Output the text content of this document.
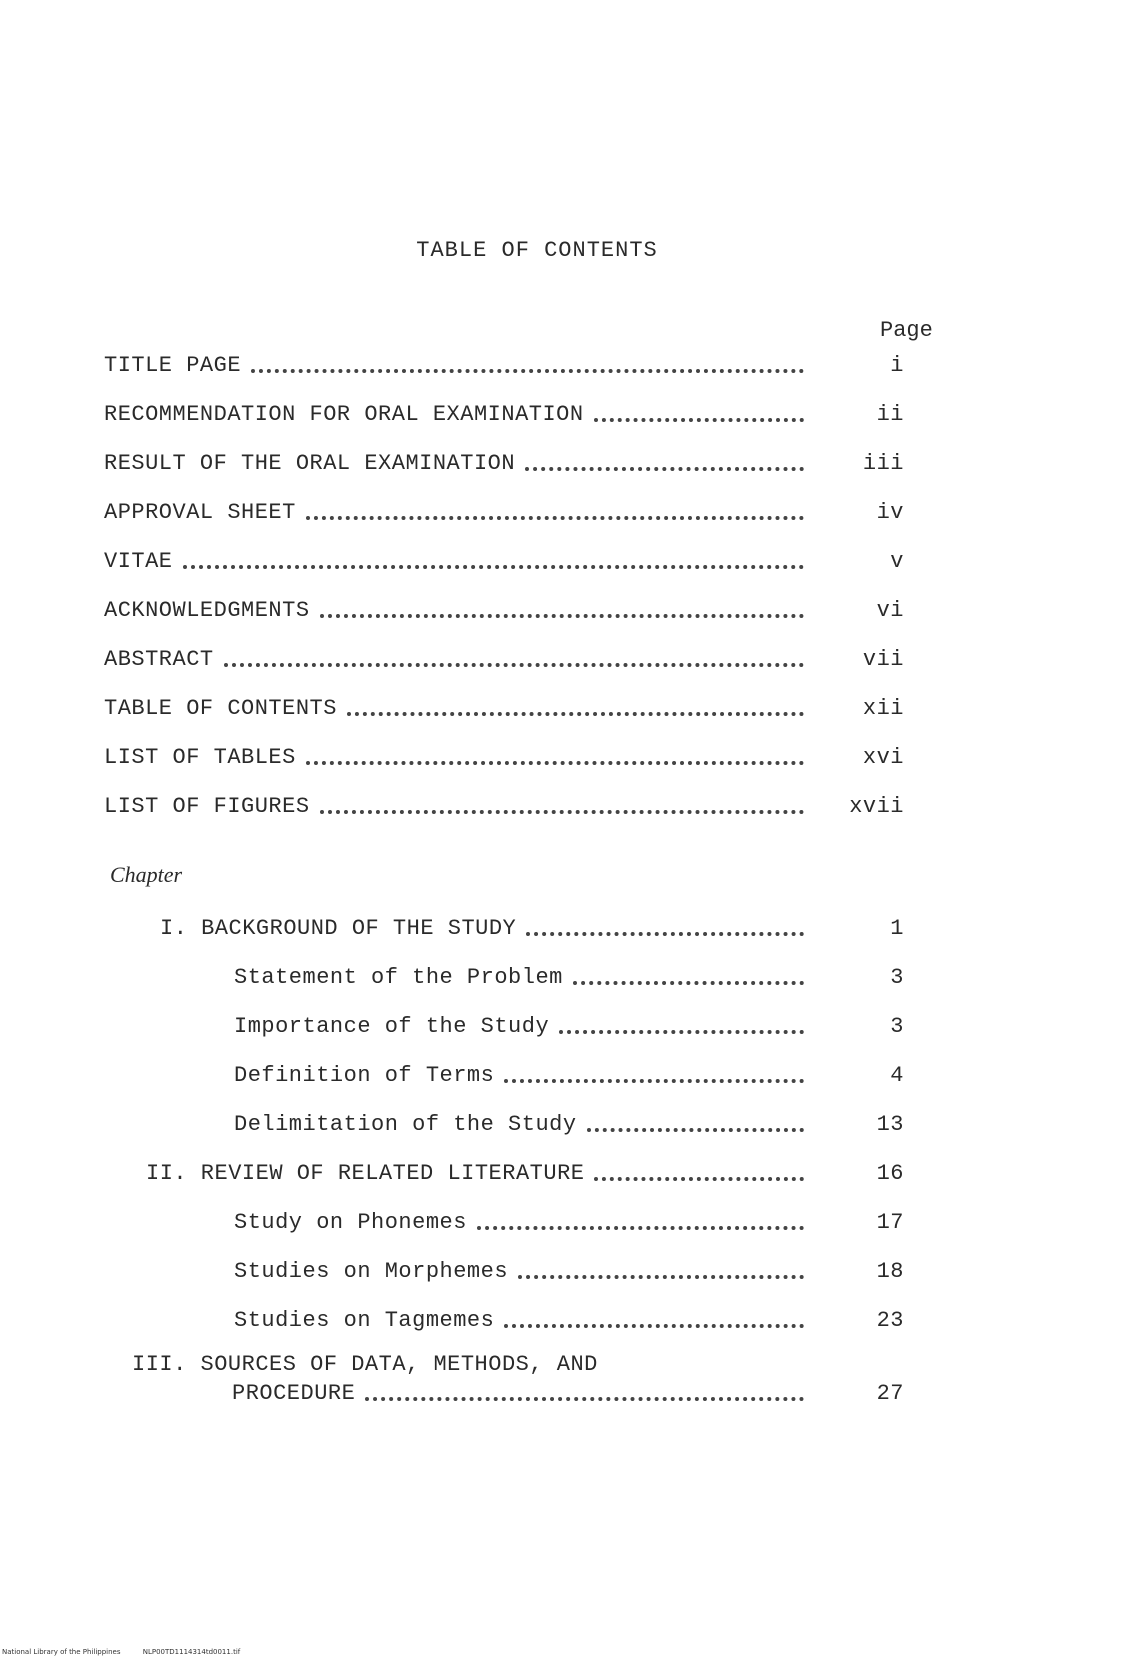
TABLE OF CONTENTS
Page
TITLE PAGE	i
RECOMMENDATION FOR ORAL EXAMINATION	ii
RESULT OF THE ORAL EXAMINATION	iii
APPROVAL SHEET	iv
VITAE	v
ACKNOWLEDGMENTS	vi
ABSTRACT	vii
TABLE OF CONTENTS	xii
LIST OF TABLES	xvi
LIST OF FIGURES	xvii
Chapter
I. BACKGROUND OF THE STUDY	1
Statement of the Problem	3
Importance of the Study	3
Definition of Terms	4
Delimitation of the Study	13
II. REVIEW OF RELATED LITERATURE	16
Study on Phonemes	17
Studies on Morphemes	18
Studies on Tagmemes	23
III. SOURCES OF DATA, METHODS, AND
PROCEDURE	27
National Library of the Philippines	NLP00TD1114314td0011.tif
